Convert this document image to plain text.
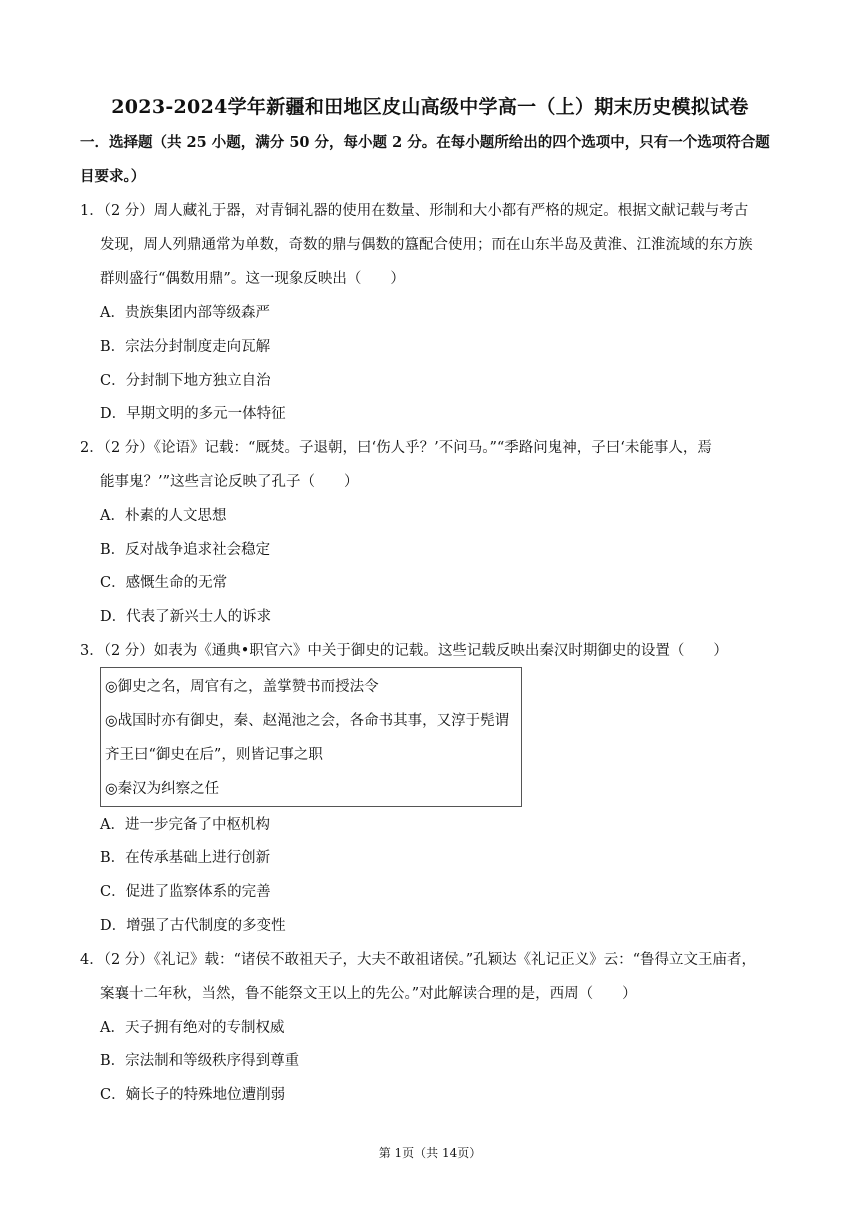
2023-2024学年新疆和田地区皮山高级中学高一（上）期末历史模拟试卷
一．选择题（共 25 小题，满分 50 分，每小题 2 分。在每小题所给出的四个选项中，只有一个选项符合题
目要求。）
1．（2 分）周人藏礼于器，对青铜礼器的使用在数量、形制和大小都有严格的规定。根据文献记载与考古
发现，周人列鼎通常为单数，奇数的鼎与偶数的簋配合使用；而在山东半岛及黄淮、江淮流域的东方族
群则盛行“偶数用鼎”。这一现象反映出（　　）
A．贵族集团内部等级森严
B．宗法分封制度走向瓦解
C．分封制下地方独立自治
D．早期文明的多元一体特征
2．（2 分）《论语》记载：“厩焚。子退朝，曰‘伤人乎？’不问马。”“季路问鬼神，子曰‘未能事人，焉
能事鬼？’”这些言论反映了孔子（　　）
A．朴素的人文思想
B．反对战争追求社会稳定
C．感慨生命的无常
D．代表了新兴士人的诉求
3．（2 分）如表为《通典•职官六》中关于御史的记载。这些记载反映出秦汉时期御史的设置（　　）
◎御史之名，周官有之，盖掌赞书而授法令
◎战国时亦有御史，秦、赵渑池之会，各命书其事，又淳于髡谓
齐王曰“御史在后”，则皆记事之职
◎秦汉为纠察之任
A．进一步完备了中枢机构
B．在传承基础上进行创新
C．促进了监察体系的完善
D．增强了古代制度的多变性
4．（2 分）《礼记》载：“诸侯不敢祖天子，大夫不敢祖诸侯。”孔颖达《礼记正义》云：“鲁得立文王庙者，
案襄十二年秋，当然，鲁不能祭文王以上的先公。”对此解读合理的是，西周（　　）
A．天子拥有绝对的专制权威
B．宗法制和等级秩序得到尊重
C．嫡长子的特殊地位遭削弱
第 1页（共 14页）
